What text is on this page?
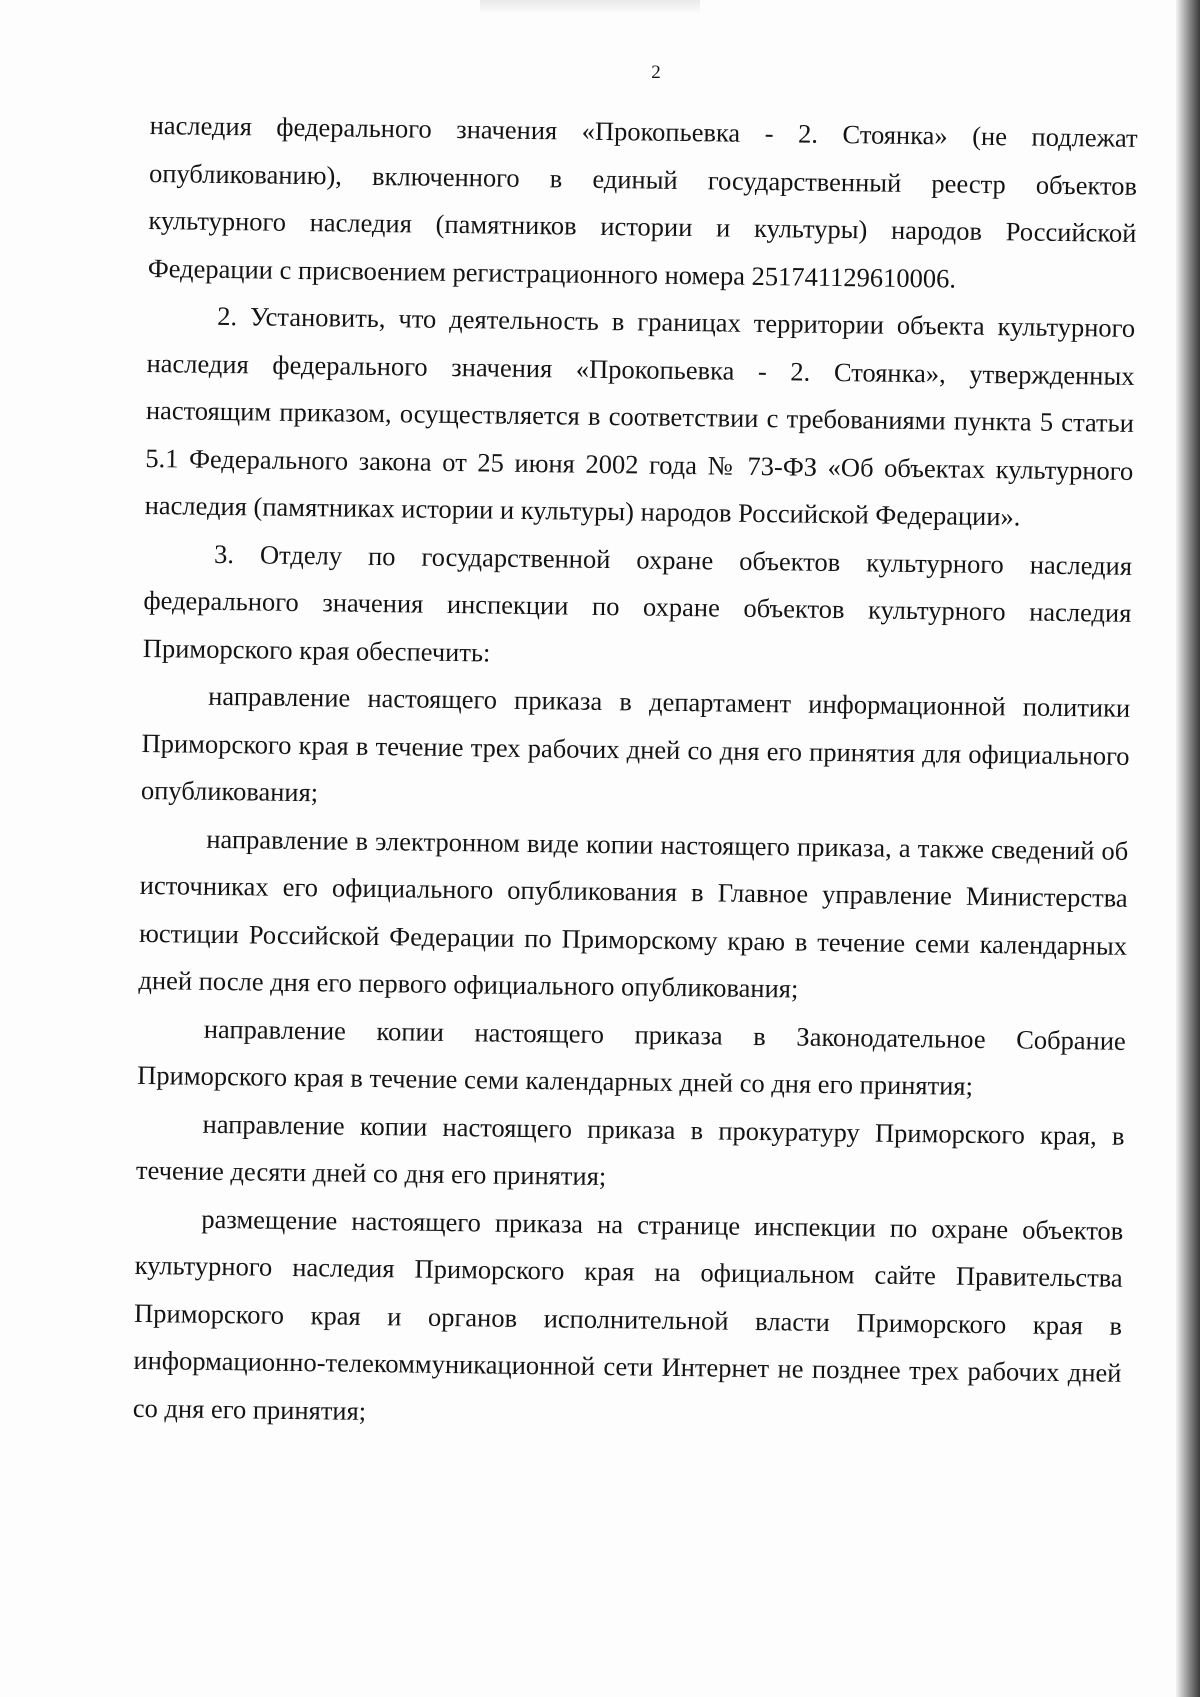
2

наследия федерального значения «Прокопьевка - 2. Стоянка» (не подлежат опубликованию), включенного в единый государственный реестр объектов культурного наследия (памятников истории и культуры) народов Российской Федерации с присвоением регистрационного номера 251741129610006.

2. Установить, что деятельность в границах территории объекта культурного наследия федерального значения «Прокопьевка - 2. Стоянка», утвержденных настоящим приказом, осуществляется в соответствии с требованиями пункта 5 статьи 5.1 Федерального закона от 25 июня 2002 года № 73-ФЗ «Об объектах культурного наследия (памятниках истории и культуры) народов Российской Федерации».

3. Отделу по государственной охране объектов культурного наследия федерального значения инспекции по охране объектов культурного наследия Приморского края обеспечить:

направление настоящего приказа в департамент информационной политики Приморского края в течение трех рабочих дней со дня его принятия для официального опубликования;

направление в электронном виде копии настоящего приказа, а также сведений об источниках его официального опубликования в Главное управление Министерства юстиции Российской Федерации по Приморскому краю в течение семи календарных дней после дня его первого официального опубликования;

направление копии настоящего приказа в Законодательное Собрание Приморского края в течение семи календарных дней со дня его принятия;

направление копии настоящего приказа в прокуратуру Приморского края, в течение десяти дней со дня его принятия;

размещение настоящего приказа на странице инспекции по охране объектов культурного наследия Приморского края на официальном сайте Правительства Приморского края и органов исполнительной власти Приморского края в информационно-телекоммуникационной сети Интернет не позднее трех рабочих дней со дня его принятия;
